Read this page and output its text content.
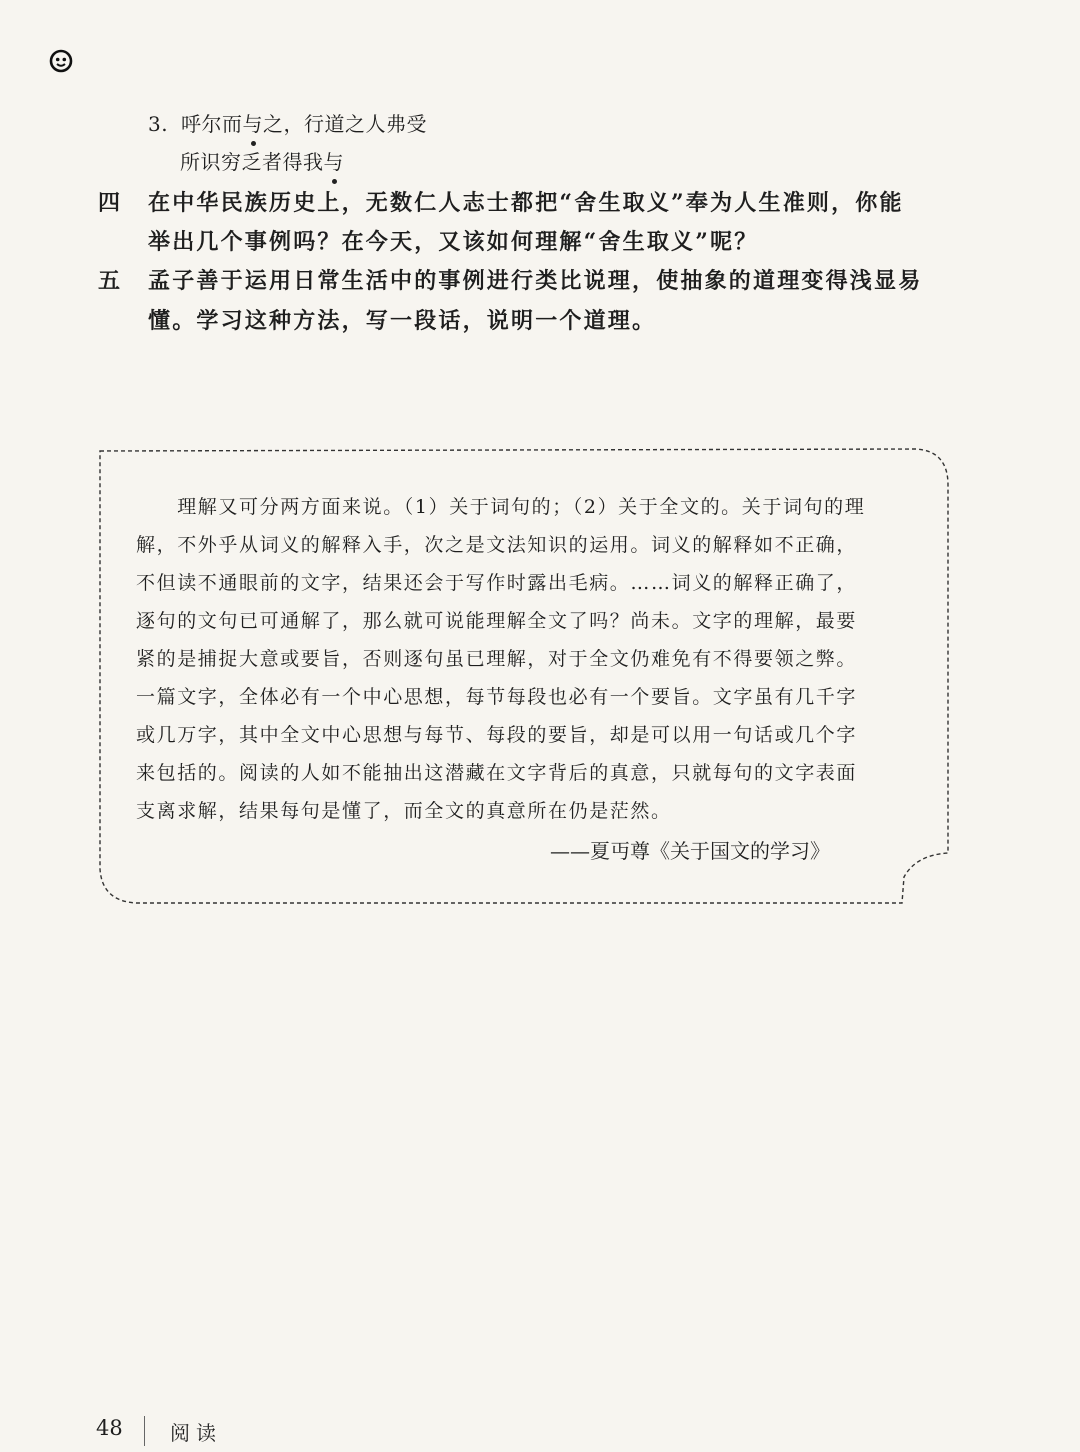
3. 呼尔而与之，行道之人弗受
所识穷乏者得我与
四 在中华民族历史上，无数仁人志士都把“舍生取义”奉为人生准则，你能
举出几个事例吗？在今天，又该如何理解“舍生取义”呢？
五 孟子善于运用日常生活中的事例进行类比说理，使抽象的道理变得浅显易
懂。学习这种方法，写一段话，说明一个道理。
　　理解又可分两方面来说。（1）关于词句的；（2）关于全文的。关于词句的理
解，不外乎从词义的解释入手，次之是文法知识的运用。词义的解释如不正确，
不但读不通眼前的文字，结果还会于写作时露出毛病。……词义的解释正确了，
逐句的文句已可通解了，那么就可说能理解全文了吗？尚未。文字的理解，最要
紧的是捕捉大意或要旨，否则逐句虽已理解，对于全文仍难免有不得要领之弊。
一篇文字，全体必有一个中心思想，每节每段也必有一个要旨。文字虽有几千字
或几万字，其中全文中心思想与每节、每段的要旨，却是可以用一句话或几个字
来包括的。阅读的人如不能抽出这潜藏在文字背后的真意，只就每句的文字表面
支离求解，结果每句是懂了，而全文的真意所在仍是茫然。
——夏丏尊《关于国文的学习》
48 阅读
